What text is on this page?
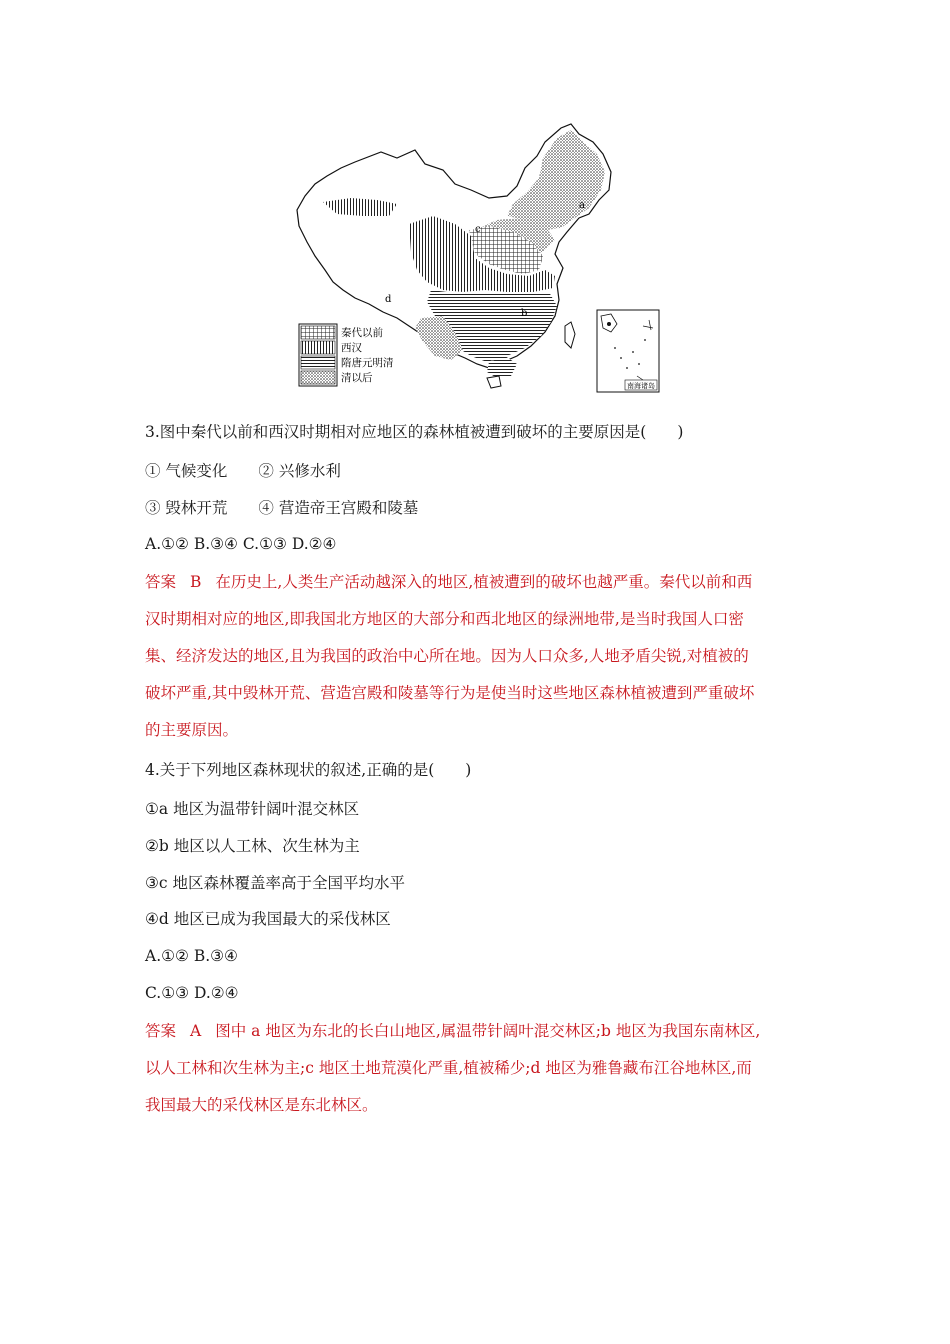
a
b
c
d
秦代以前
西汉
隋唐元明清
清以后
南海诸岛
3.图中秦代以前和西汉时期相对应地区的森林植被遭到破坏的主要原因是(　　)
① 气候变化　　② 兴修水利
③ 毁林开荒　　④ 营造帝王宫殿和陵墓
A.①② B.③④ C.①③ D.②④
答案 B 在历史上,人类生产活动越深入的地区,植被遭到的破坏也越严重。秦代以前和西
汉时期相对应的地区,即我国北方地区的大部分和西北地区的绿洲地带,是当时我国人口密
集、经济发达的地区,且为我国的政治中心所在地。因为人口众多,人地矛盾尖锐,对植被的
破坏严重,其中毁林开荒、营造宫殿和陵墓等行为是使当时这些地区森林植被遭到严重破坏
的主要原因。
4.关于下列地区森林现状的叙述,正确的是(　　)
①a 地区为温带针阔叶混交林区
②b 地区以人工林、次生林为主
③c 地区森林覆盖率高于全国平均水平
④d 地区已成为我国最大的采伐林区
A.①② B.③④
C.①③ D.②④
答案 A 图中 a 地区为东北的长白山地区,属温带针阔叶混交林区;b 地区为我国东南林区,
以人工林和次生林为主;c 地区土地荒漠化严重,植被稀少;d 地区为雅鲁藏布江谷地林区,而
我国最大的采伐林区是东北林区。
